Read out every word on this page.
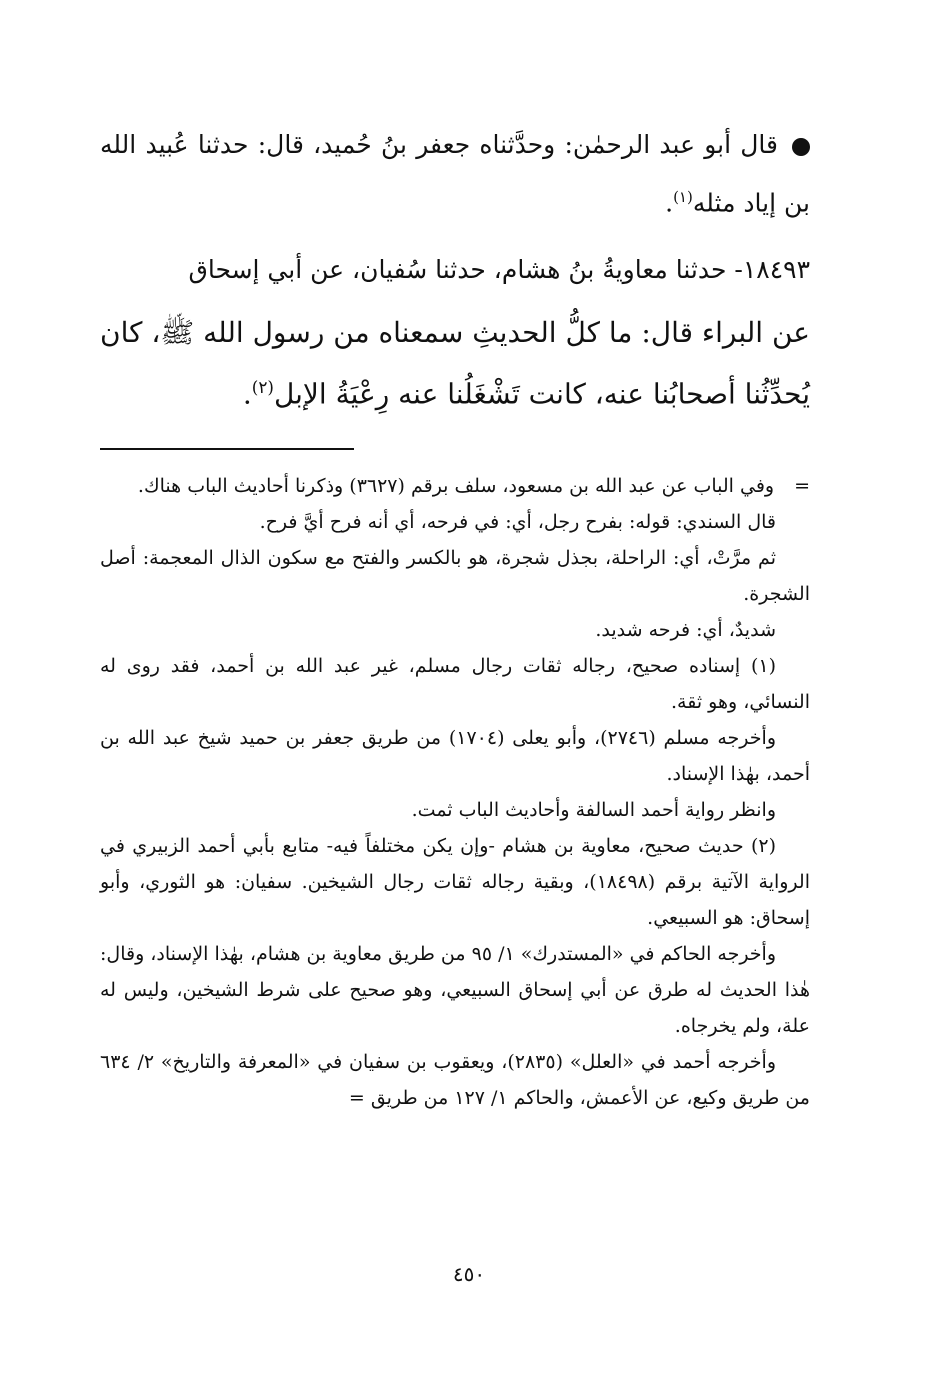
قال أبو عبد الرحمٰن: وحدَّثناه جعفر بنُ حُميد، قال: حدثنا عُبيد الله بن إياد مثله$^{(١)}$.

١٨٤٩٣- حدثنا معاويةُ بنُ هشام، حدثنا سُفيان، عن أبي إسحاق

عن البراء قال: ما كلُّ الحديثِ سمعناه من رسول الله ﷺ، كان يُحدِّثُنا أصحابُنا عنه، كانت تَشْغَلُنا عنه رِعْيَةُ الإبل$^{(٢)}$.

=وفي الباب عن عبد الله بن مسعود، سلف برقم (٣٦٢٧) وذكرنا أحاديث الباب هناك.

قال السندي: قوله: بفرح رجل، أي: في فرحه، أي أنه فرح أيَّ فرح.

ثم مرَّتْ، أي: الراحلة، بجذل شجرة، هو بالكسر والفتح مع سكون الذال المعجمة: أصل الشجرة.

شديدٌ، أي: فرحه شديد.

(١) إسناده صحيح، رجاله ثقات رجال مسلم، غير عبد الله بن أحمد، فقد روى له النسائي، وهو ثقة.

وأخرجه مسلم (٢٧٤٦)، وأبو يعلى (١٧٠٤) من طريق جعفر بن حميد شيخ عبد الله بن أحمد، بهٰذا الإسناد.

وانظر رواية أحمد السالفة وأحاديث الباب ثمت.

(٢) حديث صحيح، معاوية بن هشام -وإن يكن مختلفاً فيه- متابع بأبي أحمد الزبيري في الرواية الآتية برقم (١٨٤٩٨)، وبقية رجاله ثقات رجال الشيخين. سفيان: هو الثوري، وأبو إسحاق: هو السبيعي.

وأخرجه الحاكم في «المستدرك» ١/ ٩٥ من طريق معاوية بن هشام، بهٰذا الإسناد، وقال: هٰذا الحديث له طرق عن أبي إسحاق السبيعي، وهو صحيح على شرط الشيخين، وليس له علة، ولم يخرجاه.

وأخرجه أحمد في «العلل» (٢٨٣٥)، ويعقوب بن سفيان في «المعرفة والتاريخ» ٢/ ٦٣٤ من طريق وكيع، عن الأعمش، والحاكم ١/ ١٢٧ من طريق =

٤٥٠
